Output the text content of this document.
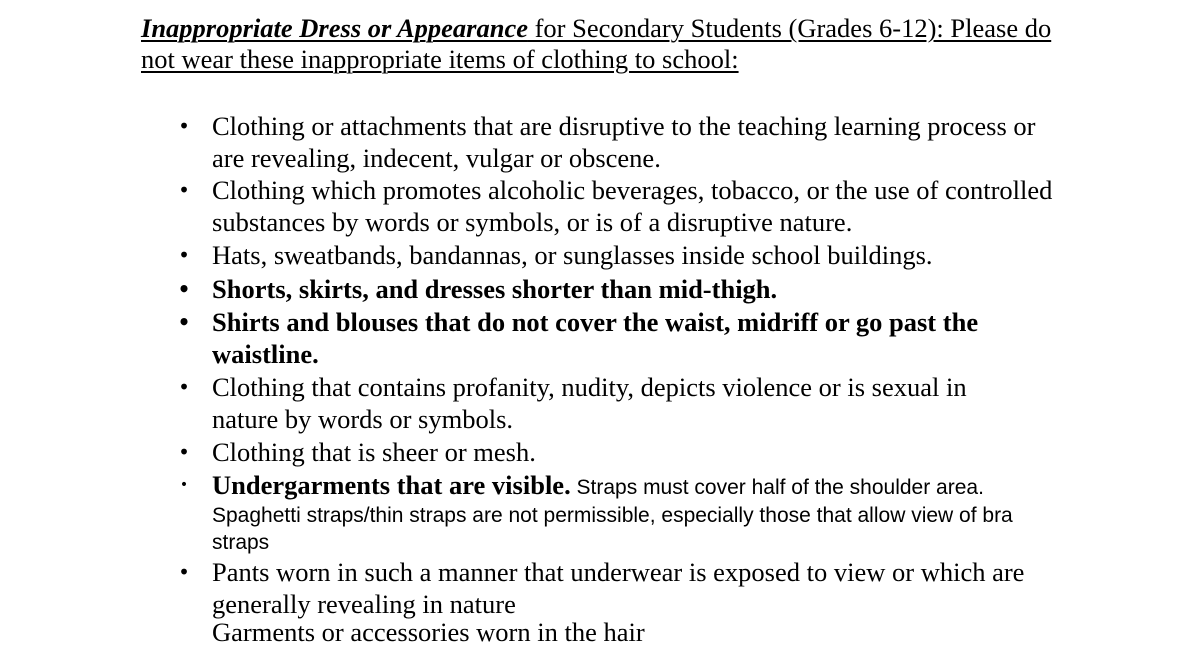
Inappropriate Dress or Appearance for Secondary Students (Grades 6-12): Please do not wear these inappropriate items of clothing to school:

• Clothing or attachments that are disruptive to the teaching learning process or are revealing, indecent, vulgar or obscene.
• Clothing which promotes alcoholic beverages, tobacco, or the use of controlled substances by words or symbols, or is of a disruptive nature.
• Hats, sweatbands, bandannas, or sunglasses inside school buildings.
• Shorts, skirts, and dresses shorter than mid-thigh.
• Shirts and blouses that do not cover the waist, midriff or go past the waistline.
• Clothing that contains profanity, nudity, depicts violence or is sexual in nature by words or symbols.
• Clothing that is sheer or mesh.
• Undergarments that are visible. Straps must cover half of the shoulder area.
Spaghetti straps/thin straps are not permissible, especially those that allow view of bra straps
• Pants worn in such a manner that underwear is exposed to view or which are generally revealing in nature
Garments or accessories worn in the hair
